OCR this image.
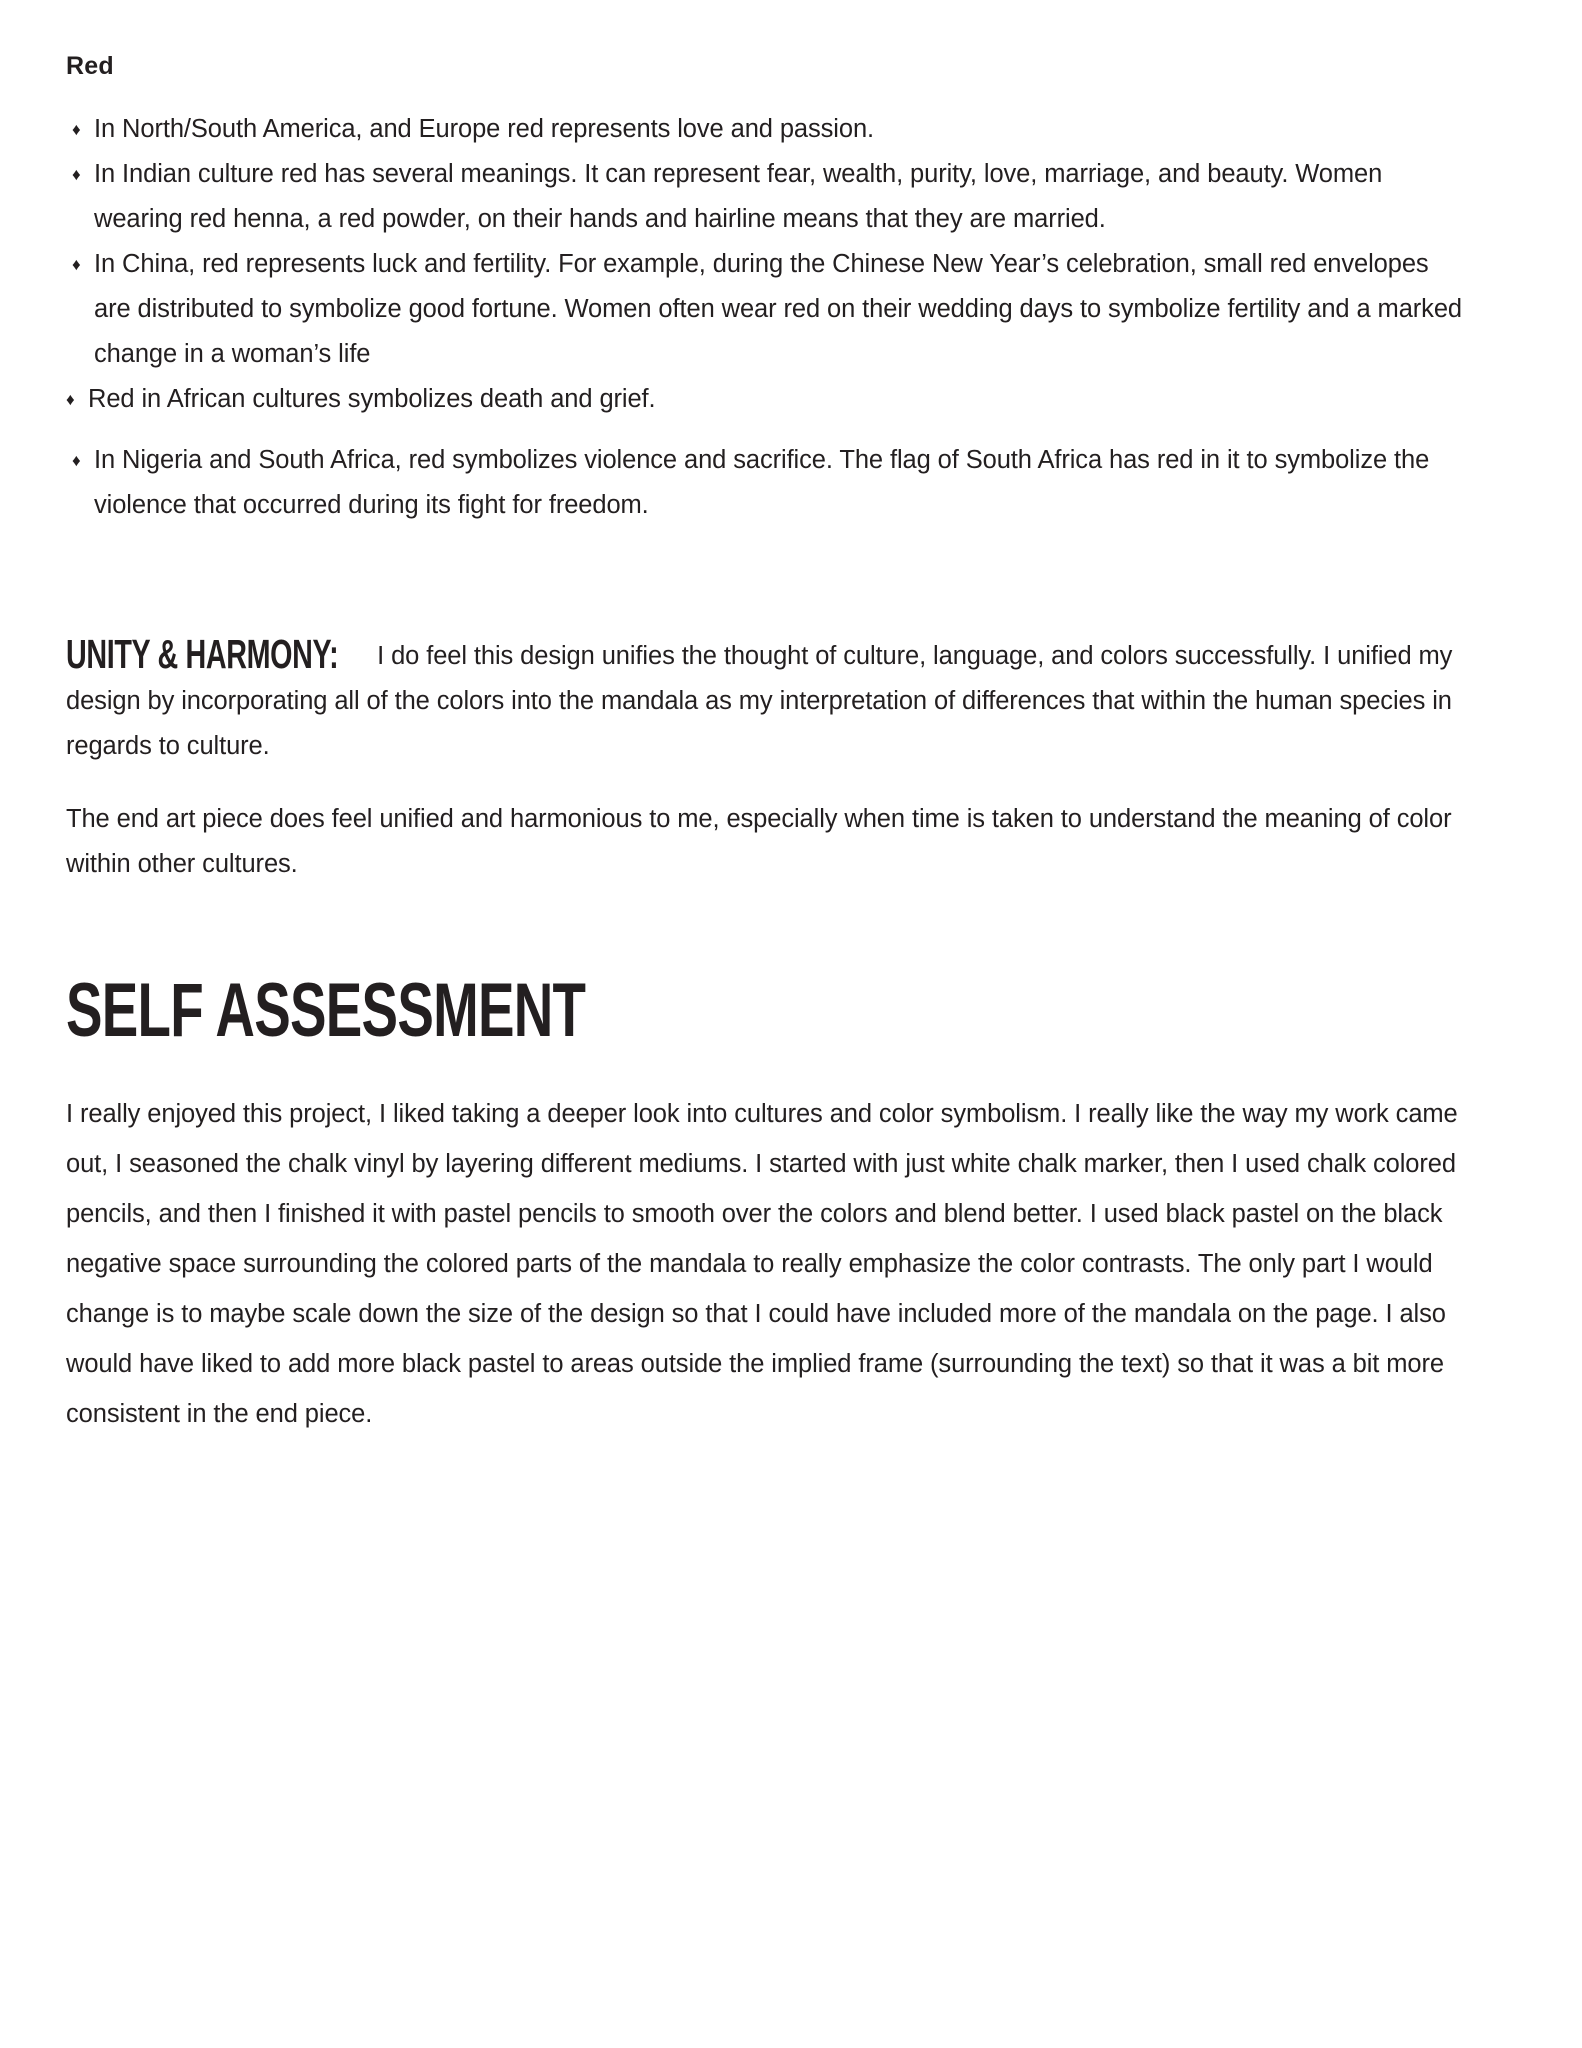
Red
♦ In North/South America, and Europe red represents love and passion.
♦ In Indian culture red has several meanings. It can represent fear, wealth, purity, love, marriage, and beauty. Women wearing red henna, a red powder, on their hands and hairline means that they are married.
♦ In China, red represents luck and fertility. For example, during the Chinese New Year’s celebration, small red envelopes are distributed to symbolize good fortune. Women often wear red on their wedding days to symbolize fertility and a marked change in a woman’s life
♦ Red in African cultures symbolizes death and grief.
♦ In Nigeria and South Africa, red symbolizes violence and sacrifice. The flag of South Africa has red in it to symbolize the violence that occurred during its fight for freedom.

UNITY & HARMONY: I do feel this design unifies the thought of culture, language, and colors successfully. I unified my design by incorporating all of the colors into the mandala as my interpretation of differences that within the human species in regards to culture.

The end art piece does feel unified and harmonious to me, especially when time is taken to understand the meaning of color within other cultures.

SELF ASSESSMENT

I really enjoyed this project, I liked taking a deeper look into cultures and color symbolism. I really like the way my work came out, I seasoned the chalk vinyl by layering different mediums. I started with just white chalk marker, then I used chalk colored pencils, and then I finished it with pastel pencils to smooth over the colors and blend better. I used black pastel on the black negative space surrounding the colored parts of the mandala to really emphasize the color contrasts. The only part I would change is to maybe scale down the size of the design so that I could have included more of the mandala on the page. I also would have liked to add more black pastel to areas outside the implied frame (surrounding the text) so that it was a bit more consistent in the end piece.
